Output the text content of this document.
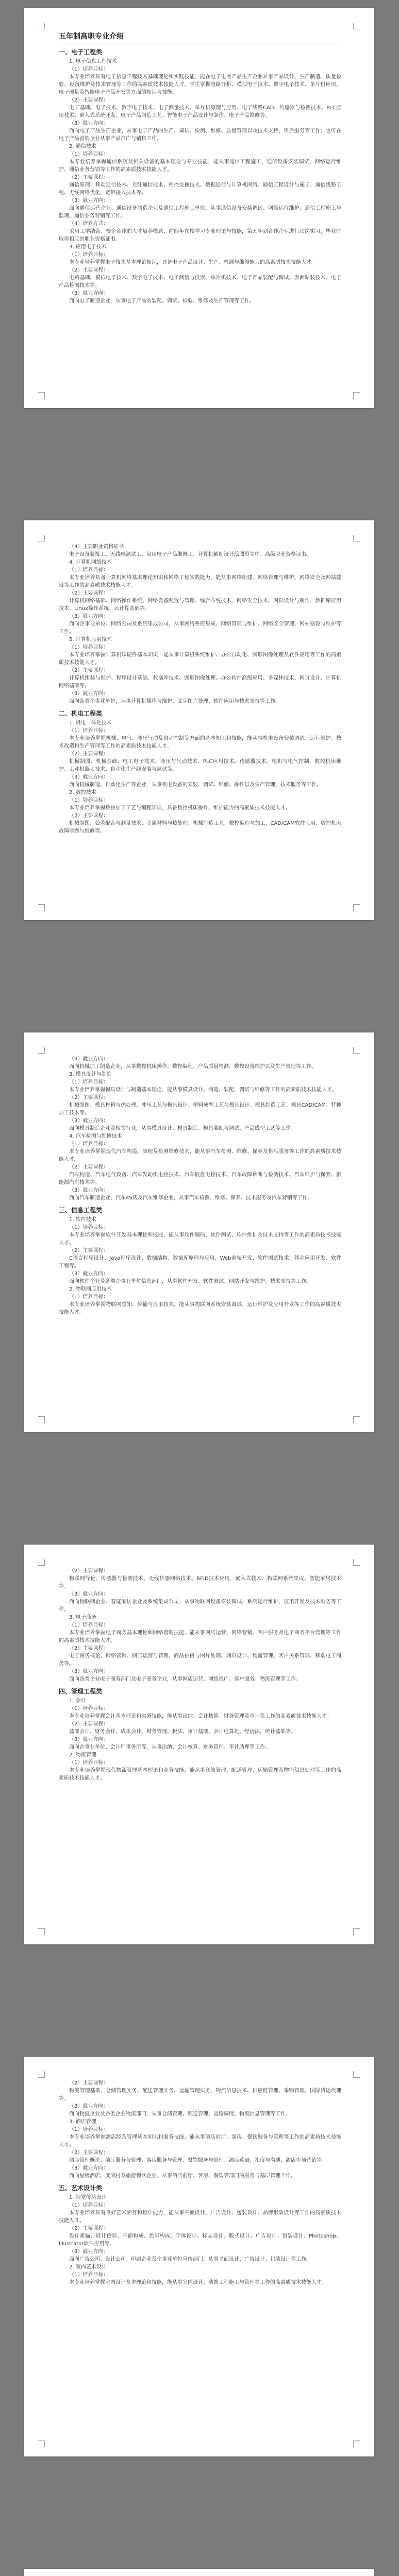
五年制高职专业介绍
一、电子工程类
1. 电子信息工程技术
（1）培养目标：
本专业培养具有电子信息工程技术基础理论和实践技能，能在电子电器产品生产企业从事产品设计、生产制造、质量检验、设备维护及技术管理等工作的高素质技术技能人才。学生掌握电路分析、模拟电子技术、数字电子技术、单片机应用、电子测量及智能电子产品开发等方面的知识与技能。
（2）主要课程：
电工基础、电子技术、数字电子技术、电子测量技术、单片机原理与应用、电子线路CAD、传感器与检测技术、PLC应用技术、嵌入式系统开发、电子产品制造工艺、智能电子产品设计与制作、电子产品维修等。
（3）就业方向：
面向电子产品生产企业，从事电子产品的生产、调试、检测、维修、质量管理以及技术支持、售后服务等工作；也可在电子产品营销企业从事产品推广与销售工作。
2. 通信技术
（1）培养目标：
本专业培养掌握通信系统及相关设备的基本理论与专业技能，能从事通信工程施工、通信设备安装调试、网络运行维护、通信业务营销等工作的高素质技术技能人才。
（2）主要课程：
通信原理、移动通信技术、光纤通信技术、程控交换技术、数据通信与计算机网络、通信工程设计与施工、通信线路工程、无线网络优化、宽带接入技术等。
（3）就业方向：
面向通信运营企业、通信设备制造企业及通信工程施工单位，从事通信设备安装调试、网络运行维护、通信工程施工与监理、通信业务营销等工作。
（4）培养方式：
采用工学结合、校企合作的人才培养模式，前四年在校学习专业理论与技能，第五年到合作企业进行顶岗实习，毕业时取得相应的职业资格证书。
3. 应用电子技术
（1）培养目标：
本专业培养掌握电子技术基本理论知识，具备电子产品设计、生产、检测与维修能力的高素质技术技能人才。
（2）主要课程：
电路基础、模拟电子技术、数字电子技术、电子测量与仪器、单片机技术、电子产品装配与调试、表面贴装技术、电子产品检测技术等。
（3）就业方向：
面向电子制造企业，从事电子产品的装配、调试、检验、维修及生产管理等工作。
（4）主要职业资格证书：
电子设备装接工、无线电调试工、家用电子产品维修工、计算机辅助设计绘图员等中、高级职业资格证书。
4. 计算机网络技术
（1）培养目标：
本专业培养具备计算机网络基本理论知识和网络工程实践能力，能从事网络组建、网络管理与维护、网络安全及网站建设等工作的高素质技术技能人才。
（2）主要课程：
计算机网络基础、网络操作系统、网络设备配置与管理、综合布线技术、网络安全技术、网页设计与制作、数据库应用技术、Linux操作系统、云计算基础等。
（3）就业方向：
面向企事业单位、网络公司及系统集成公司，从事网络系统集成、网络管理与维护、网络安全管理、网站建设与维护等工作。
5. 计算机应用技术
（1）培养目标：
本专业培养掌握计算机软硬件基本知识，能从事计算机系统维护、办公自动化、图形图像处理及软件应用等工作的高素质技术技能人才。
（2）主要课程：
计算机组装与维护、程序设计基础、数据库技术、图形图像处理、办公软件高级应用、多媒体技术、网页设计、计算机网络基础等。
（3）就业方向：
面向各类企事业单位，从事计算机操作与维护、文字图片处理、软件应用与技术支持等工作。
二、机电工程类
1. 机电一体化技术
（1）培养目标：
本专业培养掌握机械、电气、液压气动及自动控制等方面的基本知识和技能，能从事机电设备安装调试、运行维护、技术改造和生产管理等工作的高素质技术技能人才。
（2）主要课程：
机械制图、机械基础、电工电子技术、液压与气动技术、PLC应用技术、传感器技术、电机与电气控制、数控机床维护、工业机器人技术、自动化生产线安装与调试等。
（3）就业方向：
面向机械制造、自动化生产等企业，从事机电设备的安装、调试、维修、操作以及生产管理、技术服务等工作。
2. 数控技术
（1）培养目标：
本专业培养掌握数控加工工艺与编程知识，具备数控机床操作、维护能力的高素质技术技能人才。
（2）主要课程：
机械制图、公差配合与测量技术、金属材料与热处理、机械制造工艺、数控编程与加工、CAD/CAM软件应用、数控机床故障诊断与维修等。
（3）就业方向：
面向机械加工制造企业，从事数控机床操作、数控编程、产品质量检测、数控设备维护以及生产管理等工作。
3. 模具设计与制造
（1）培养目标：
本专业培养掌握模具设计与制造基本理论，能从事模具设计、制造、装配、调试与维修等工作的高素质技术技能人才。
（2）主要课程：
机械制图、模具材料与热处理、冲压工艺与模具设计、塑料成型工艺与模具设计、模具制造工艺、模具CAD/CAM、特种加工技术等。
（3）就业方向：
面向模具制造企业及相关行业，从事模具设计、模具制造、模具装配与调试、产品成型工艺等工作。
4. 汽车检测与维修技术
（1）培养目标：
本专业培养掌握现代汽车构造、原理及检测维修技术，能从事汽车检测、维修、保养及售后服务等工作的高素质技术技能人才。
（2）主要课程：
汽车构造、汽车电气设备、汽车发动机电控技术、汽车底盘电控技术、汽车故障诊断与检测技术、汽车维护与保养、新能源汽车技术等。
（3）就业方向：
面向汽车制造企业、汽车4S店及汽车维修企业，从事汽车检测、维修、保养、技术服务及汽车营销等工作。
三、信息工程类
1. 软件技术
（1）培养目标：
本专业培养掌握软件开发基本理论和技能，能从事软件编码、软件测试、软件维护及技术支持等工作的高素质技术技能人才。
（2）主要课程：
C语言程序设计、Java程序设计、数据结构、数据库原理与应用、Web前端开发、软件测试技术、移动应用开发、软件工程等。
（3）就业方向：
面向软件企业及各类企事业单位信息部门，从事软件开发、软件测试、网站开发与维护、技术支持等工作。
2. 物联网应用技术
（1）培养目标：
本专业培养掌握物联网感知、传输与应用技术，能从事物联网系统安装调试、运行维护及应用开发等工作的高素质技术技能人才。
（2）主要课程：
物联网导论、传感器与检测技术、无线传感网络技术、RFID技术应用、嵌入式技术、物联网系统集成、智能家居技术等。
（3）就业方向：
面向物联网企业、智能家居企业及系统集成公司，从事物联网设备安装调试、系统运行维护、应用开发及技术服务等工作。
3. 电子商务
（1）培养目标：
本专业培养掌握电子商务基本理论和网络营销技能，能从事网店运营、网络营销、客户服务及电子商务平台管理等工作的高素质技术技能人才。
（2）主要课程：
电子商务概论、网络营销、网店运营与管理、商品拍摄与图片处理、网页设计、物流管理、客户关系管理、移动电子商务等。
（3）就业方向：
面向各类企业电子商务部门及电子商务企业，从事网店运营、网络推广、客户服务、物流管理等工作。
四、管理工程类
1. 会计
（1）培养目标：
本专业培养掌握会计基本理论和实务技能，能从事出纳、会计核算、财务管理及审计等工作的高素质技术技能人才。
（2）主要课程：
基础会计、财务会计、成本会计、财务管理、税法、审计基础、会计电算化、经济法、统计基础等。
（3）就业方向：
面向企事业单位、会计师事务所等，从事出纳、会计核算、财务管理、审计助理等工作。
2. 物流管理
（1）培养目标：
本专业培养掌握现代物流管理基本理论和业务技能，能从事仓储管理、配送管理、运输管理及物流信息处理等工作的高素质技术技能人才。
（2）主要课程：
物流管理基础、仓储管理实务、配送管理实务、运输管理实务、物流信息技术、供应链管理、采购管理、国际货运代理等。
（3）就业方向：
面向物流企业及各类企业物流部门，从事仓储管理、配送管理、运输调度、物流信息管理等工作。
3. 酒店管理
（1）培养目标：
本专业培养掌握酒店经营管理基本知识和服务技能，能从事酒店前厅、客房、餐饮服务与管理等工作的高素质技术技能人才。
（2）主要课程：
酒店管理概论、前厅服务与管理、客房服务与管理、餐饮服务与管理、酒店英语、礼仪与沟通、酒店市场营销等。
（3）就业方向：
面向星级酒店、度假村及旅游餐饮企业，从事酒店前厅、客房、餐饮等部门的服务与基层管理工作。
五、艺术设计类
1. 视觉传达设计
（1）培养目标：
本专业培养具有良好艺术素养和设计能力，能从事平面设计、广告设计、包装设计、品牌形象设计等工作的高素质技术技能人才。
（2）主要课程：
设计素描、设计色彩、平面构成、色彩构成、字体设计、标志设计、版式设计、广告设计、包装设计、Photoshop、Illustrator软件应用等。
（3）就业方向：
面向广告公司、设计公司、印刷企业及企事业单位宣传部门，从事平面设计、广告设计、包装设计等工作。
2. 室内艺术设计
（1）培养目标：
本专业培养掌握室内设计基本理论和技能，能从事室内设计、装饰工程施工与管理等工作的高素质技术技能人才。
